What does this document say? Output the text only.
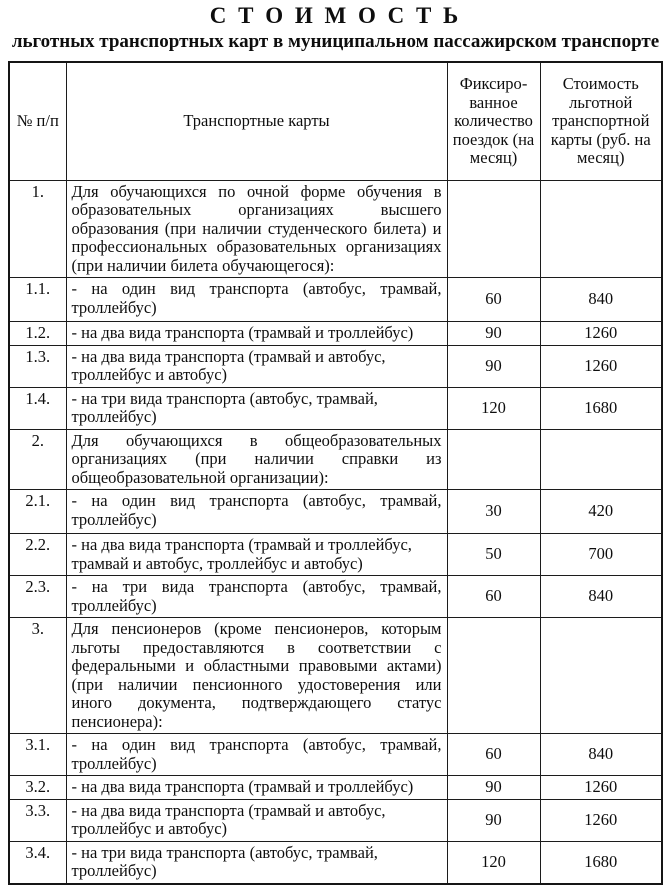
С Т О И М О С Т Ь
льготных транспортных карт в муниципальном пассажирском транспорте
№ п/п	Транспортные карты	Фиксированное количество поездок (на месяц)	Стоимость льготной транспортной карты (руб. на месяц)
1.	Для обучающихся по очной форме обучения в образовательных организациях высшего образования (при наличии студенческого билета) и профессиональных образовательных организациях (при наличии билета обучающегося):		
1.1.	- на один вид транспорта (автобус, трамвай, троллейбус)	60	840
1.2.	- на два вида транспорта (трамвай и троллейбус)	90	1260
1.3.	- на два вида транспорта (трамвай и автобус, троллейбус и автобус)	90	1260
1.4.	- на три вида транспорта (автобус, трамвай, троллейбус)	120	1680
2.	Для обучающихся в общеобразовательных организациях (при наличии справки из общеобразовательной организации):		
2.1.	- на один вид транспорта (автобус, трамвай, троллейбус)	30	420
2.2.	- на два вида транспорта (трамвай и троллейбус, трамвай и автобус, троллейбус и автобус)	50	700
2.3.	- на три вида транспорта (автобус, трамвай, троллейбус)	60	840
3.	Для пенсионеров (кроме пенсионеров, которым льготы предоставляются в соответствии с федеральными и областными правовыми актами) (при наличии пенсионного удостоверения или иного документа, подтверждающего статус пенсионера):		
3.1.	- на один вид транспорта (автобус, трамвай, троллейбус)	60	840
3.2.	- на два вида транспорта (трамвай и троллейбус)	90	1260
3.3.	- на два вида транспорта (трамвай и автобус, троллейбус и автобус)	90	1260
3.4.	- на три вида транспорта (автобус, трамвай, троллейбус)	120	1680
